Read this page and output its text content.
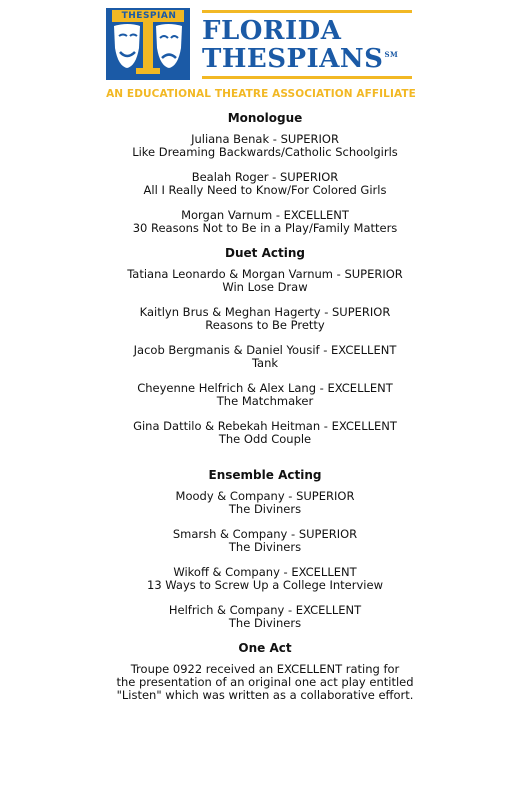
THESPIAN FLORIDA
THESPIANS℠
AN EDUCATIONAL THEATRE ASSOCIATION AFFILIATE
Monologue
Juliana Benak - SUPERIOR
Like Dreaming Backwards/Catholic Schoolgirls
Bealah Roger - SUPERIOR
All I Really Need to Know/For Colored Girls
Morgan Varnum - EXCELLENT
30 Reasons Not to Be in a Play/Family Matters
Duet Acting
Tatiana Leonardo & Morgan Varnum - SUPERIOR
Win Lose Draw
Kaitlyn Brus & Meghan Hagerty - SUPERIOR
Reasons to Be Pretty
Jacob Bergmanis & Daniel Yousif - EXCELLENT
Tank
Cheyenne Helfrich & Alex Lang - EXCELLENT
The Matchmaker
Gina Dattilo & Rebekah Heitman - EXCELLENT
The Odd Couple
Ensemble Acting
Moody & Company - SUPERIOR
The Diviners
Smarsh & Company - SUPERIOR
The Diviners
Wikoff & Company - EXCELLENT
13 Ways to Screw Up a College Interview
Helfrich & Company - EXCELLENT
The Diviners
One Act
Troupe 0922 received an EXCELLENT rating for
the presentation of an original one act play entitled
"Listen" which was written as a collaborative effort.
